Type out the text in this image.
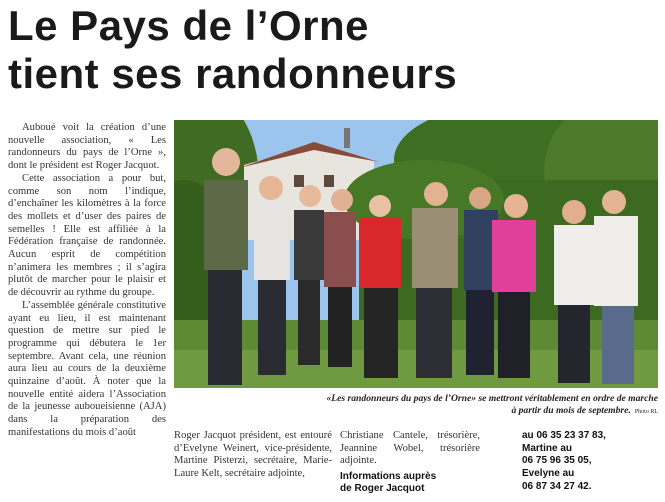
Le Pays de l’Orne
tient ses randonneurs

Auboué voit la création d’une nouvelle association, « Les randonneurs du pays de l’Orne », dont le président est Roger Jacquot.

Cette association a pour but, comme son nom l’indique, d’enchaîner les kilomètres à la force des mollets et d’user des paires de semelles ! Elle est affiliée à la Fédération française de randonnée. Aucun esprit de compétition n’animera les membres ; il s’agira plutôt de marcher pour le plaisir et de découvrir au rythme du groupe.

L’assemblée générale constitutive ayant eu lieu, il est maintenant question de mettre sur pied le programme qui débutera le 1er septembre. Avant cela, une réunion aura lieu au cours de la deuxième quinzaine d’août. À noter que la nouvelle entité aidera l’Association de la jeunesse auboueisienne (AJA) dans la préparation des manifestations du mois d’août

«Les randonneurs du pays de l’Orne» se mettront véritablement en ordre de marche
à partir du mois de septembre. Photo RL

Roger Jacquot président, est entouré d’Evelyne Weinert, vice-présidente, Martine Pisterzi, secrétaire, Marie-Laure Kelt, secrétaire adjointe,

Christiane Cantele, trésorière, Jeannine Wobel, trésorière adjointe.

Informations auprès
de Roger Jacquot
au 06 35 23 37 83,
Martine au
06 75 96 35 05,
Evelyne au
06 87 34 27 42.
